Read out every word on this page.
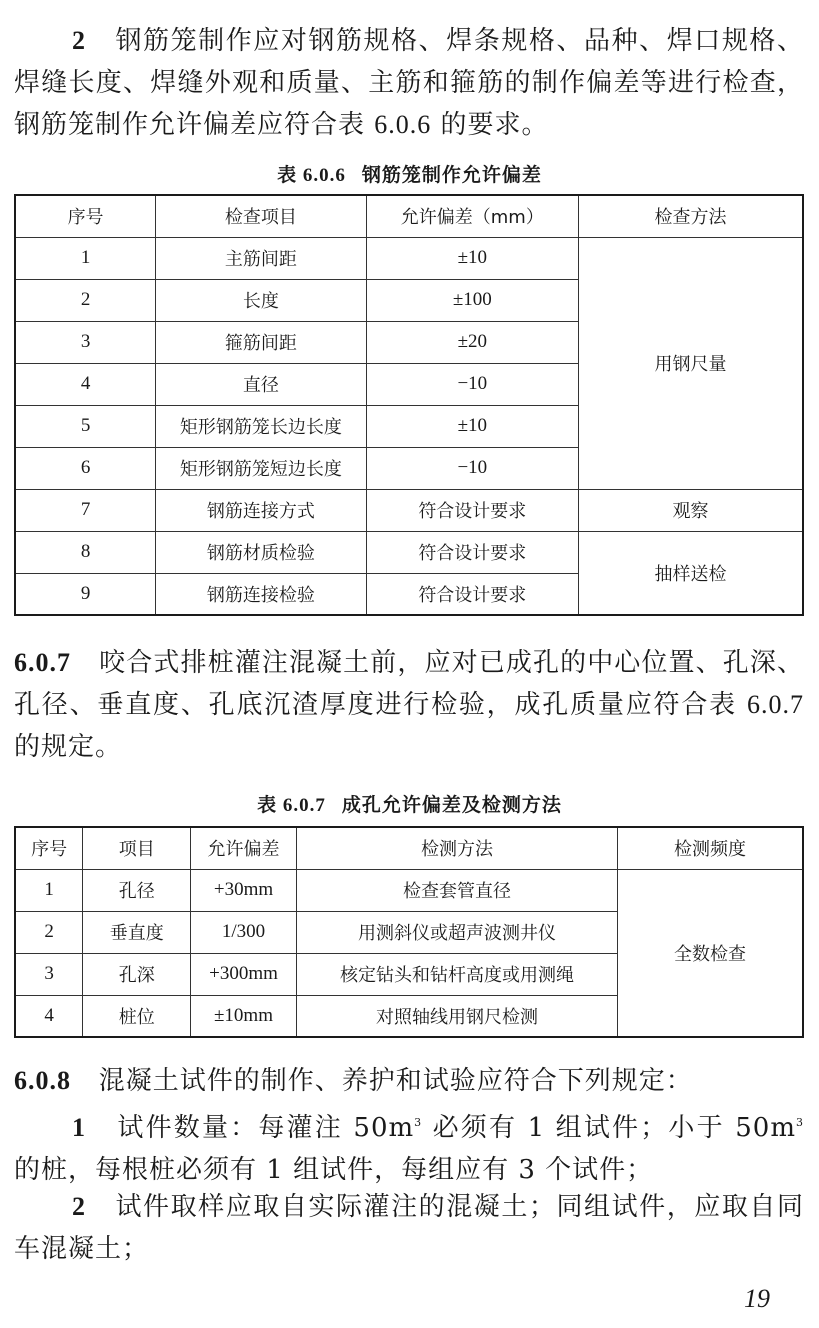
2 钢筋笼制作应对钢筋规格、焊条规格、品种、焊口规格、焊缝长度、焊缝外观和质量、主筋和箍筋的制作偏差等进行检查，钢筋笼制作允许偏差应符合表 6.0.6 的要求。
表 6.0.6 钢筋笼制作允许偏差
序号	检查项目	允许偏差（mm）	检查方法
1	主筋间距	±10	用钢尺量
2	长度	±100	
3	箍筋间距	±20	
4	直径	−10	
5	矩形钢筋笼长边长度	±10	
6	矩形钢筋笼短边长度	−10	
7	钢筋连接方式	符合设计要求	观察
8	钢筋材质检验	符合设计要求	抽样送检
9	钢筋连接检验	符合设计要求	
6.0.7 咬合式排桩灌注混凝土前，应对已成孔的中心位置、孔深、孔径、垂直度、孔底沉渣厚度进行检验，成孔质量应符合表 6.0.7 的规定。
表 6.0.7 成孔允许偏差及检测方法
序号	项目	允许偏差	检测方法	检测频度
1	孔径	+30mm	检查套管直径	全数检查
2	垂直度	1/300	用测斜仪或超声波测井仪	
3	孔深	+300mm	核定钻头和钻杆高度或用测绳	
4	桩位	±10mm	对照轴线用钢尺检测	
6.0.8 混凝土试件的制作、养护和试验应符合下列规定：
1 试件数量：每灌注 $50m^3$ 必须有 1 组试件；小于 $50m^3$ 的桩，每根桩必须有 1 组试件，每组应有 3 个试件；
2 试件取样应取自实际灌注的混凝土；同组试件，应取自同车混凝土；
19
